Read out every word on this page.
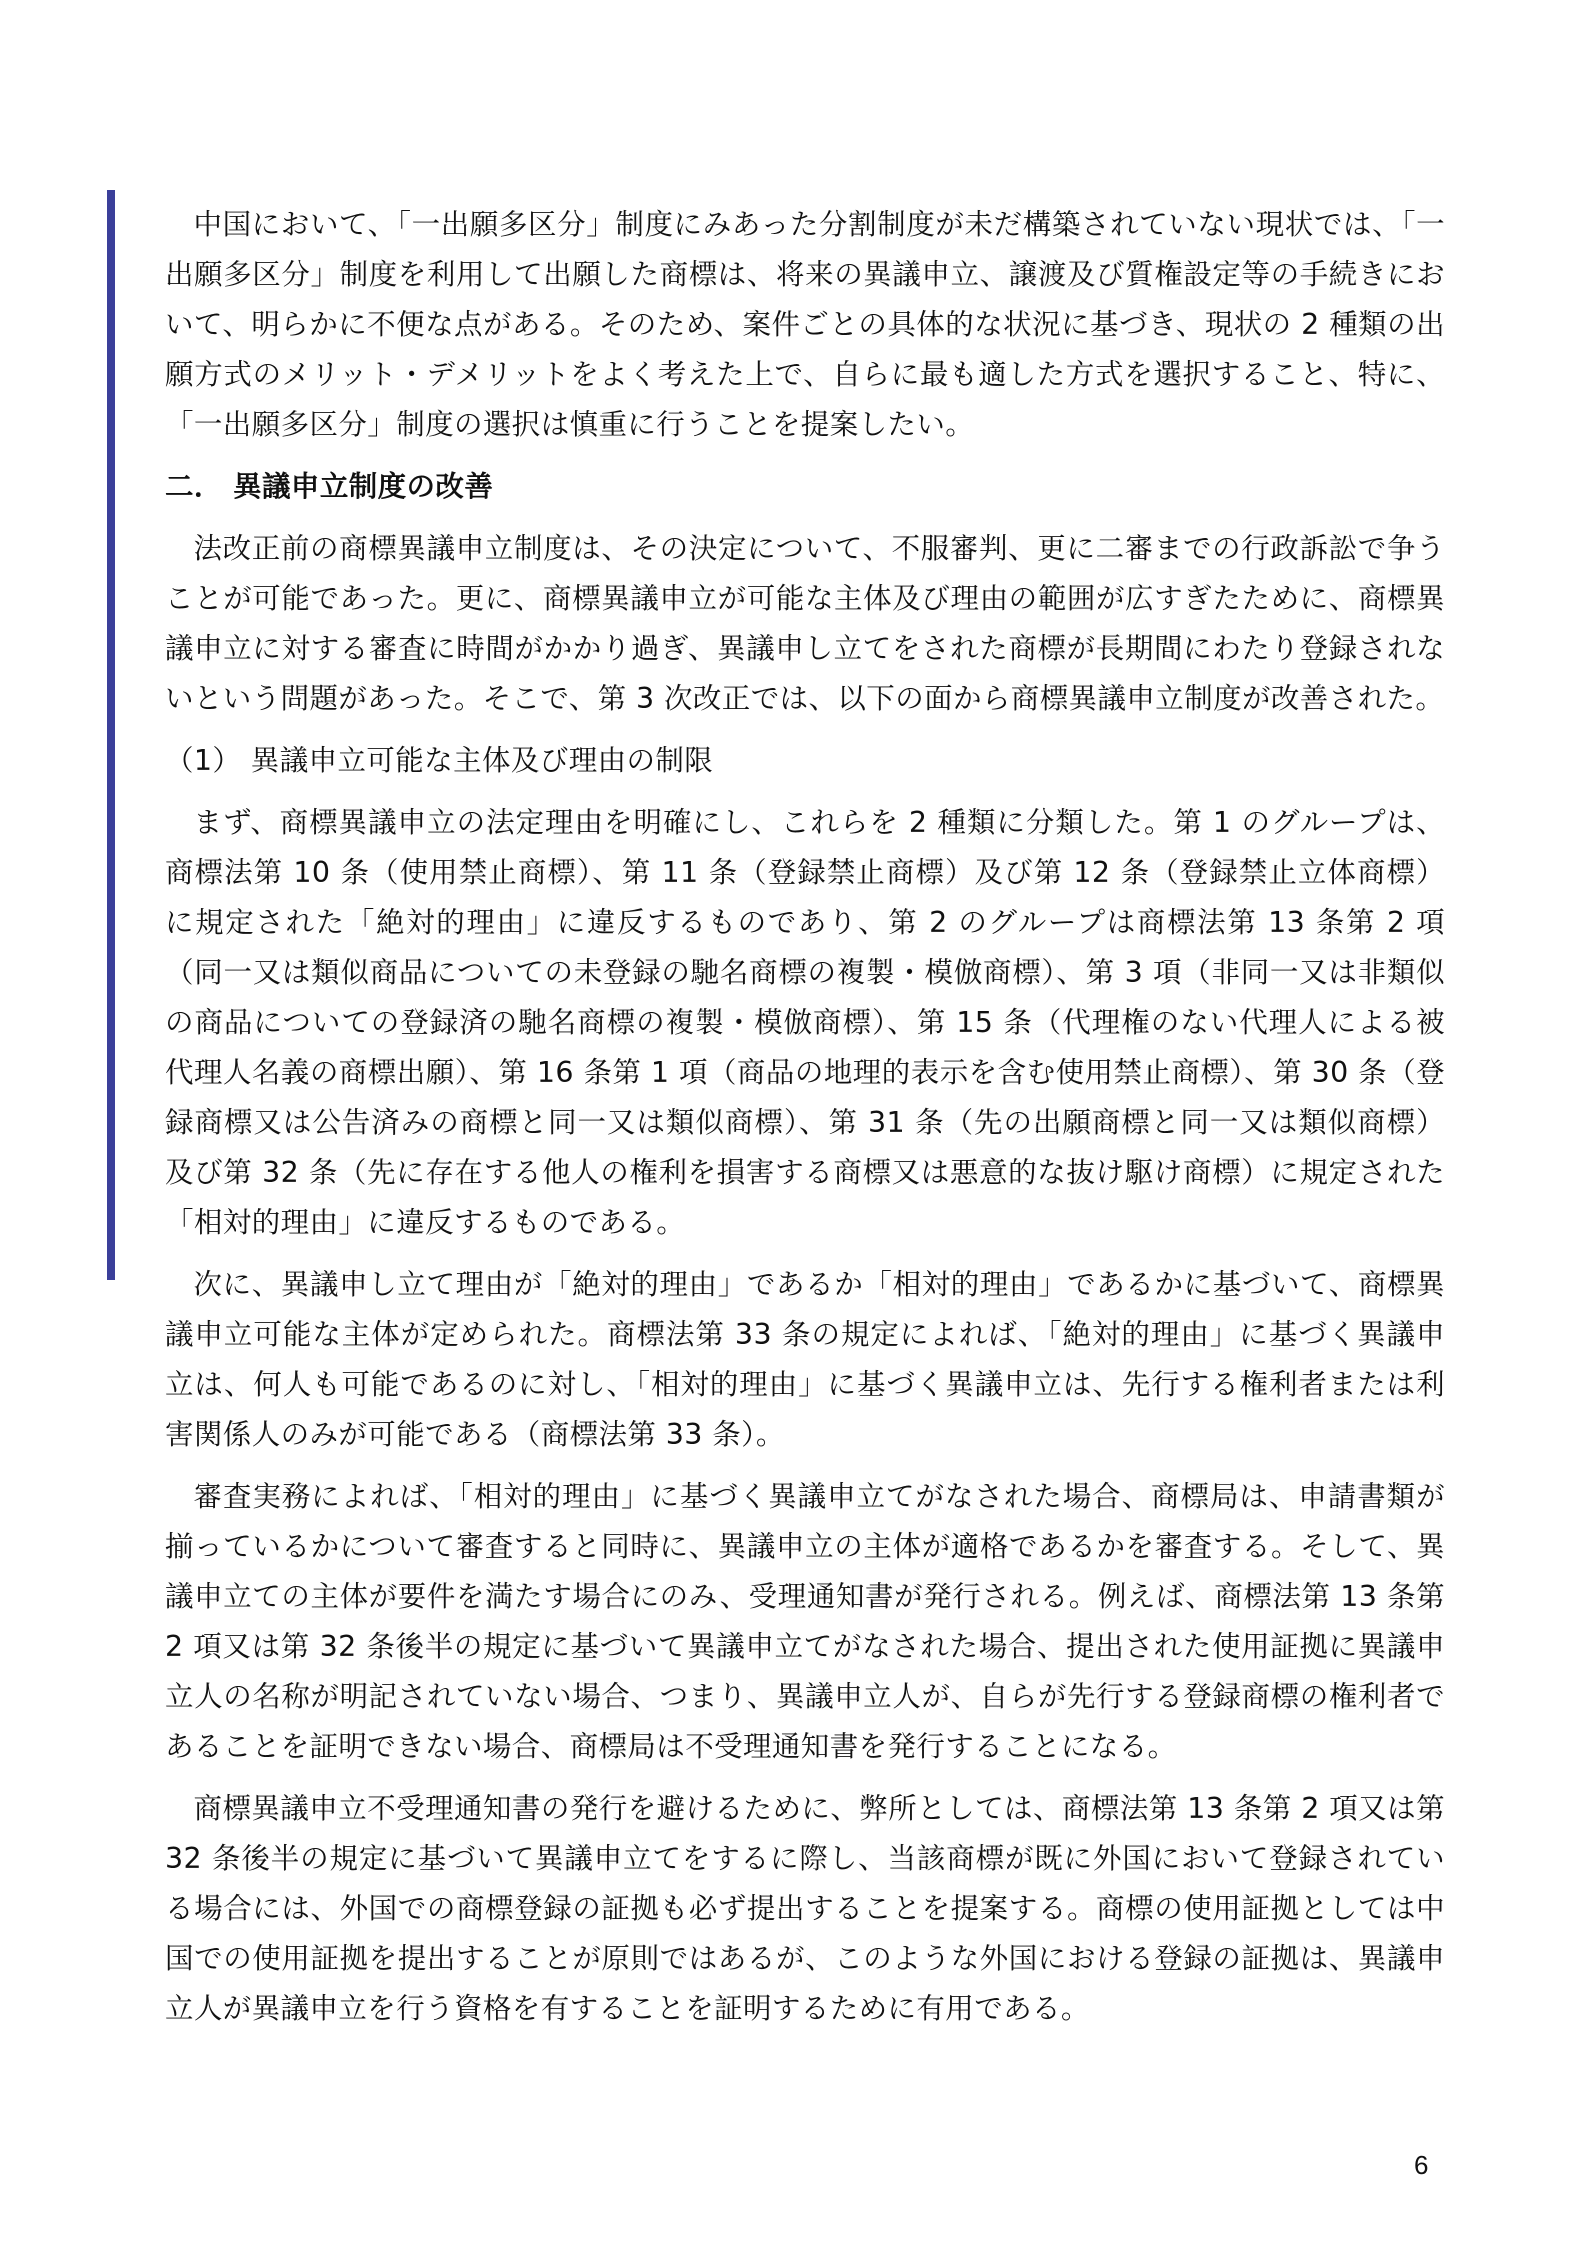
中国において、「一出願多区分」制度にみあった分割制度が未だ構築されていない現状では、「一出願多区分」制度を利用して出願した商標は、将来の異議申立、譲渡及び質権設定等の手続きにおいて、明らかに不便な点がある。そのため、案件ごとの具体的な状況に基づき、現状の 2 種類の出願方式のメリット・デメリットをよく考えた上で、自らに最も適した方式を選択すること、特に、「一出願多区分」制度の選択は慎重に行うことを提案したい。

二． 異議申立制度の改善

法改正前の商標異議申立制度は、その決定について、不服審判、更に二審までの行政訴訟で争うことが可能であった。更に、商標異議申立が可能な主体及び理由の範囲が広すぎたために、商標異議申立に対する審査に時間がかかり過ぎ、異議申し立てをされた商標が長期間にわたり登録されないという問題があった。そこで、第 3 次改正では、以下の面から商標異議申立制度が改善された。

（1） 異議申立可能な主体及び理由の制限

まず、商標異議申立の法定理由を明確にし、これらを 2 種類に分類した。第 1 のグループは、商標法第 10 条（使用禁止商標）、第 11 条（登録禁止商標）及び第 12 条（登録禁止立体商標）に規定された「絶対的理由」に違反するものであり、第 2 のグループは商標法第 13 条第 2 項（同一又は類似商品についての未登録の馳名商標の複製・模倣商標）、第 3 項（非同一又は非類似の商品についての登録済の馳名商標の複製・模倣商標）、第 15 条（代理権のない代理人による被代理人名義の商標出願）、第 16 条第 1 項（商品の地理的表示を含む使用禁止商標）、第 30 条（登録商標又は公告済みの商標と同一又は類似商標）、第 31 条（先の出願商標と同一又は類似商標）及び第 32 条（先に存在する他人の権利を損害する商標又は悪意的な抜け駆け商標）に規定された「相対的理由」に違反するものである。

次に、異議申し立て理由が「絶対的理由」であるか「相対的理由」であるかに基づいて、商標異議申立可能な主体が定められた。商標法第 33 条の規定によれば、「絶対的理由」に基づく異議申立は、何人も可能であるのに対し、「相対的理由」に基づく異議申立は、先行する権利者または利害関係人のみが可能である（商標法第 33 条）。

審査実務によれば、「相対的理由」に基づく異議申立てがなされた場合、商標局は、申請書類が揃っているかについて審査すると同時に、異議申立の主体が適格であるかを審査する。そして、異議申立ての主体が要件を満たす場合にのみ、受理通知書が発行される。例えば、商標法第 13 条第 2 項又は第 32 条後半の規定に基づいて異議申立てがなされた場合、提出された使用証拠に異議申立人の名称が明記されていない場合、つまり、異議申立人が、自らが先行する登録商標の権利者であることを証明できない場合、商標局は不受理通知書を発行することになる。

商標異議申立不受理通知書の発行を避けるために、弊所としては、商標法第 13 条第 2 項又は第 32 条後半の規定に基づいて異議申立てをするに際し、当該商標が既に外国において登録されている場合には、外国での商標登録の証拠も必ず提出することを提案する。商標の使用証拠としては中国での使用証拠を提出することが原則ではあるが、このような外国における登録の証拠は、異議申立人が異議申立を行う資格を有することを証明するために有用である。

6
